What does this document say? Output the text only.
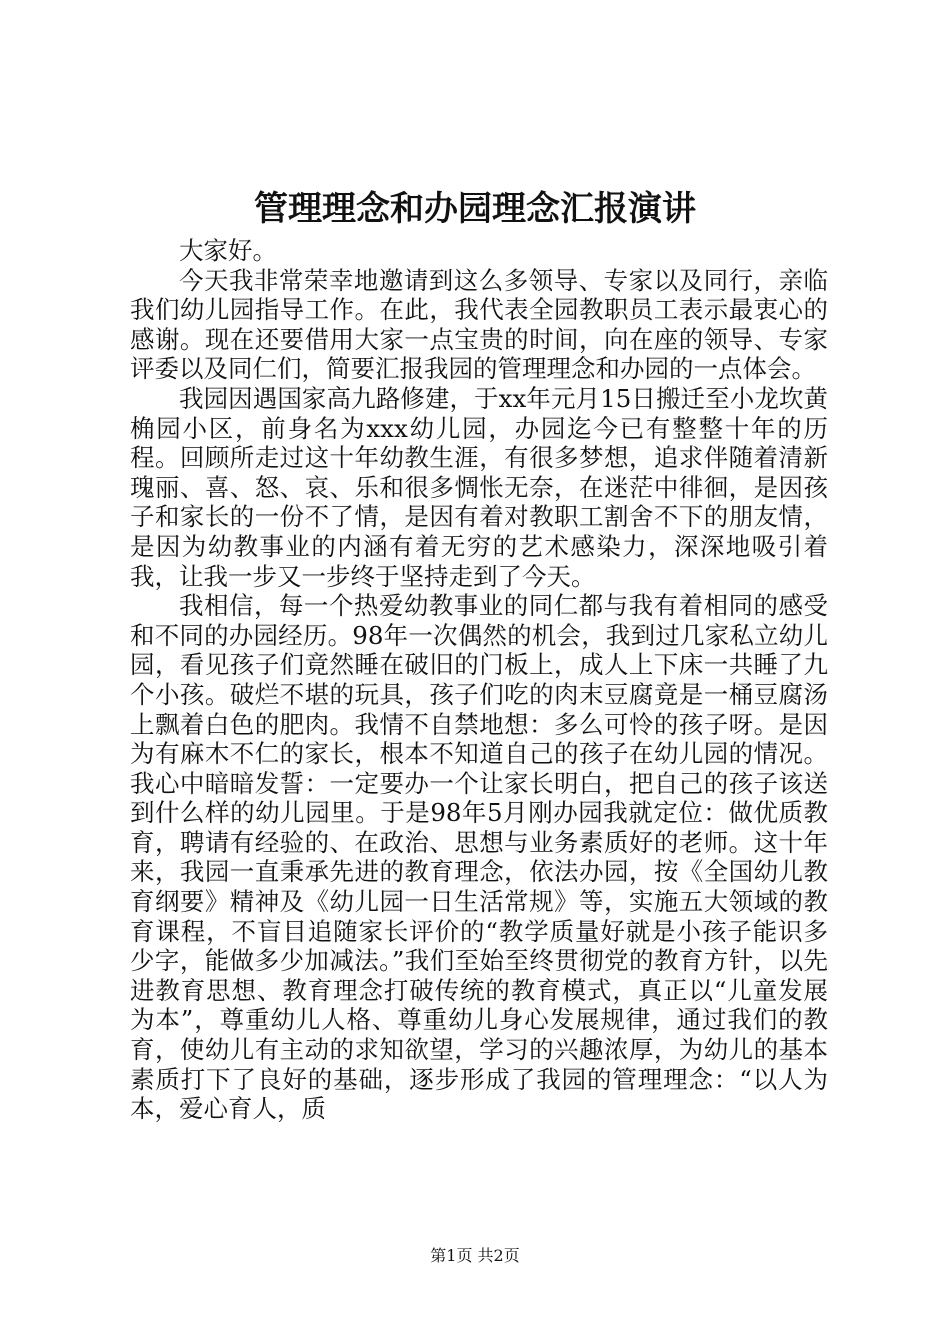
管理理念和办园理念汇报演讲

大家好。

今天我非常荣幸地邀请到这么多领导、专家以及同行，亲临我们幼儿园指导工作。在此，我代表全园教职员工表示最衷心的感谢。现在还要借用大家一点宝贵的时间，向在座的领导、专家评委以及同仁们，简要汇报我园的管理理念和办园的一点体会。

我园因遇国家高九路修建，于xx年元月15日搬迁至小龙坎黄桷园小区，前身名为xxx幼儿园，办园迄今已有整整十年的历程。回顾所走过这十年幼教生涯，有很多梦想，追求伴随着清新瑰丽、喜、怒、哀、乐和很多惆怅无奈，在迷茫中徘徊，是因孩子和家长的一份不了情，是因有着对教职工割舍不下的朋友情，是因为幼教事业的内涵有着无穷的艺术感染力，深深地吸引着我，让我一步又一步终于坚持走到了今天。

我相信，每一个热爱幼教事业的同仁都与我有着相同的感受和不同的办园经历。98年一次偶然的机会，我到过几家私立幼儿园，看见孩子们竟然睡在破旧的门板上，成人上下床一共睡了九个小孩。破烂不堪的玩具，孩子们吃的肉末豆腐竟是一桶豆腐汤上飘着白色的肥肉。我情不自禁地想：多么可怜的孩子呀。是因为有麻木不仁的家长，根本不知道自己的孩子在幼儿园的情况。我心中暗暗发誓：一定要办一个让家长明白，把自己的孩子该送到什么样的幼儿园里。于是98年5月刚办园我就定位：做优质教育，聘请有经验的、在政治、思想与业务素质好的老师。这十年来，我园一直秉承先进的教育理念，依法办园，按《全国幼儿教育纲要》精神及《幼儿园一日生活常规》等，实施五大领域的教育课程，不盲目追随家长评价的“教学质量好就是小孩子能识多少字，能做多少加减法。”我们至始至终贯彻党的教育方针，以先进教育思想、教育理念打破传统的教育模式，真正以“儿童发展为本”，尊重幼儿人格、尊重幼儿身心发展规律，通过我们的教育，使幼儿有主动的求知欲望，学习的兴趣浓厚，为幼儿的基本素质打下了良好的基础，逐步形成了我园的管理理念：“以人为本，爱心育人，质

第1页 共2页
